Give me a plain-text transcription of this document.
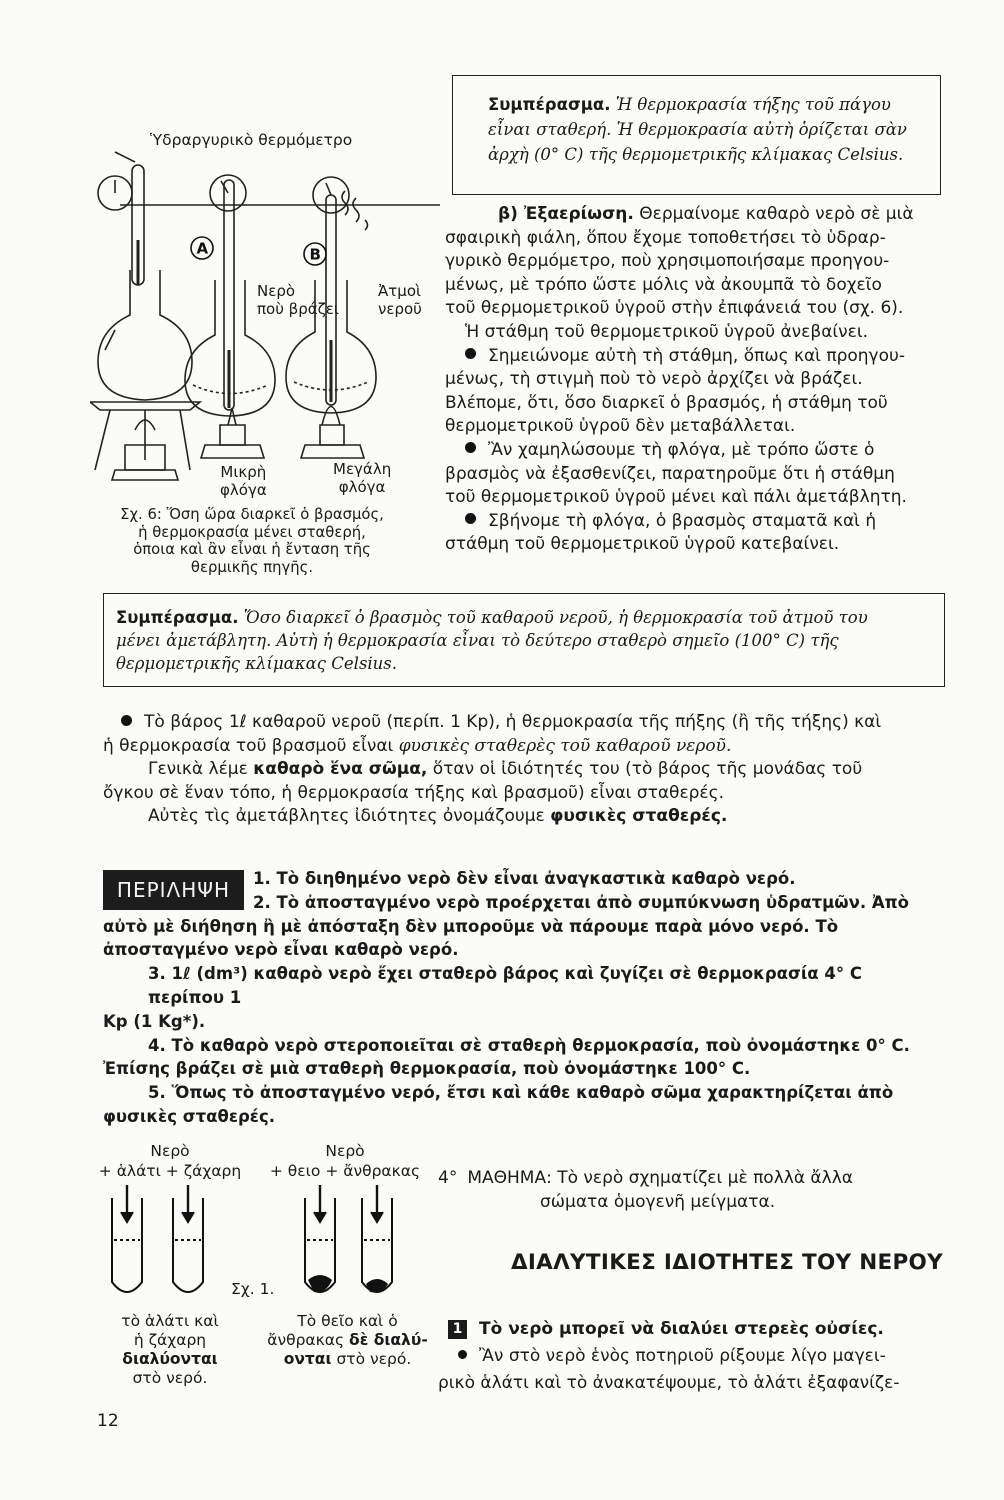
Ὑδραργυρικὸ θερμόμετρο
A	B
Νερὸ
ποὺ βράζει
Ἀτμοὶ
νεροῦ
Μικρὴ
φλόγα
Μεγάλη
φλόγα
Σχ. 6: Ὅση ὥρα διαρκεῖ ὁ βρασμός,
ἡ θερμοκρασία μένει σταθερή,
ὁποια καὶ ἂν εἶναι ἡ ἔνταση τῆς
θερμικῆς πηγῆς.
Συμπέρασμα. Ἡ θερμοκρασία τήξης τοῦ πάγου
εἶναι σταθερή. Ἡ θερμοκρασία αὐτὴ ὁρίζεται σὰν
ἀρχὴ (0° C) τῆς θερμομετρικῆς κλίμακας Celsius.

β) Ἐξαερίωση. Θερμαίνομε καθαρὸ νερὸ σὲ μιὰ

σφαιρικὴ φιάλη, ὅπου ἔχομε τοποθετήσει τὸ ὑδραρ-

γυρικὸ θερμόμετρο, ποὺ χρησιμοποιήσαμε προηγου-

μένως, μὲ τρόπο ὥστε μόλις νὰ ἀκουμπᾶ τὸ δοχεῖο

τοῦ θερμομετρικοῦ ὑγροῦ στὴν ἐπιφάνειά του (σχ. 6).

Ἡ στάθμη τοῦ θερμομετρικοῦ ὑγροῦ ἀνεβαίνει.

Σημειώνομε αὐτὴ τὴ στάθμη, ὅπως καὶ προηγου-

μένως, τὴ στιγμὴ ποὺ τὸ νερὸ ἀρχίζει νὰ βράζει.

Βλέπομε, ὅτι, ὅσο διαρκεῖ ὁ βρασμός, ἡ στάθμη τοῦ

θερμομετρικοῦ ὑγροῦ δὲν μεταβάλλεται.

Ἂν χαμηλώσουμε τὴ φλόγα, μὲ τρόπο ὥστε ὁ

βρασμὸς νὰ ἐξασθενίζει, παρατηροῦμε ὅτι ἡ στάθμη

τοῦ θερμομετρικοῦ ὑγροῦ μένει καὶ πάλι ἀμετάβλητη.

Σβήνομε τὴ φλόγα, ὁ βρασμὸς σταματᾶ καὶ ἡ

στάθμη τοῦ θερμομετρικοῦ ὑγροῦ κατεβαίνει.

Συμπέρασμα. Ὅσο διαρκεῖ ὁ βρασμὸς τοῦ καθαροῦ νεροῦ, ἡ θερμοκρασία τοῦ ἀτμοῦ του
μένει ἀμετάβλητη. Αὐτὴ ἡ θερμοκρασία εἶναι τὸ δεύτερο σταθερὸ σημεῖο (100° C) τῆς
θερμομετρικῆς κλίμακας Celsius.

Τὸ βάρος 1ℓ καθαροῦ νεροῦ (περίπ. 1 Kp), ἡ θερμοκρασία τῆς πήξης (ἢ τῆς τήξης) καὶ

ἡ θερμοκρασία τοῦ βρασμοῦ εἶναι φυσικὲς σταθερὲς τοῦ καθαροῦ νεροῦ.

Γενικὰ λέμε καθαρὸ ἕνα σῶμα, ὅταν οἱ ἰδιότητές του (τὸ βάρος τῆς μονάδας τοῦ

ὄγκου σὲ ἕναν τόπο, ἡ θερμοκρασία τήξης καὶ βρασμοῦ) εἶναι σταθερές.

Αὐτὲς τὶς ἀμετάβλητες ἰδιότητες ὀνομάζουμε φυσικὲς σταθερές.

ΠΕΡΙΛΗΨΗ	1. Τὸ διηθημένο νερὸ δὲν εἶναι ἀναγκαστικὰ καθαρὸ νερό.

2. Τὸ ἀποσταγμένο νερὸ προέρχεται ἀπὸ συμπύκνωση ὑδρατμῶν. Ἀπὸ

αὐτὸ μὲ διήθηση ἢ μὲ ἀπόσταξη δὲν μποροῦμε νὰ πάρουμε παρὰ μόνο νερό. Τὸ

ἀποσταγμένο νερὸ εἶναι καθαρὸ νερό.

3. 1ℓ (dm³) καθαρὸ νερὸ ἔχει σταθερὸ βάρος καὶ ζυγίζει σὲ θερμοκρασία 4° C περίπου 1

Kp (1 Kg*).

4. Τὸ καθαρὸ νερὸ στεροποιεῖται σὲ σταθερὴ θερμοκρασία, ποὺ ὀνομάστηκε 0° C.

Ἐπίσης βράζει σὲ μιὰ σταθερὴ θερμοκρασία, ποὺ ὀνομάστηκε 100° C.

5. Ὅπως τὸ ἀποσταγμένο νερό, ἔτσι καὶ κάθε καθαρὸ σῶμα χαρακτηρίζεται ἀπὸ

φυσικὲς σταθερές.

Νερὸ
+ ἁλάτι + ζάχαρη
Νερὸ
+ θειο + ἄνθρακας
Σχ. 1.
τὸ ἁλάτι καὶ
ἡ ζάχαρη
διαλύονται
στὸ νερό.
Τὸ θεῖο καὶ ὁ
ἄνθρακας δὲ διαλύ-
ονται στὸ νερό.
4° ΜΑΘΗΜΑ: Τὸ νερὸ σχηματίζει μὲ πολλὰ ἄλλα
σώματα ὁμογενῆ μείγματα.
ΔΙΑΛΥΤΙΚΕΣ ΙΔΙΟΤΗΤΕΣ ΤΟΥ ΝΕΡΟΥ
1 Τὸ νερὸ μπορεῖ νὰ διαλύει στερεὲς οὐσίες.
Ἂν στὸ νερὸ ἑνὸς ποτηριοῦ ρίξουμε λίγο μαγει-
ρικὸ ἁλάτι καὶ τὸ ἀνακατέψουμε, τὸ ἁλάτι ἐξαφανίζε-
12
